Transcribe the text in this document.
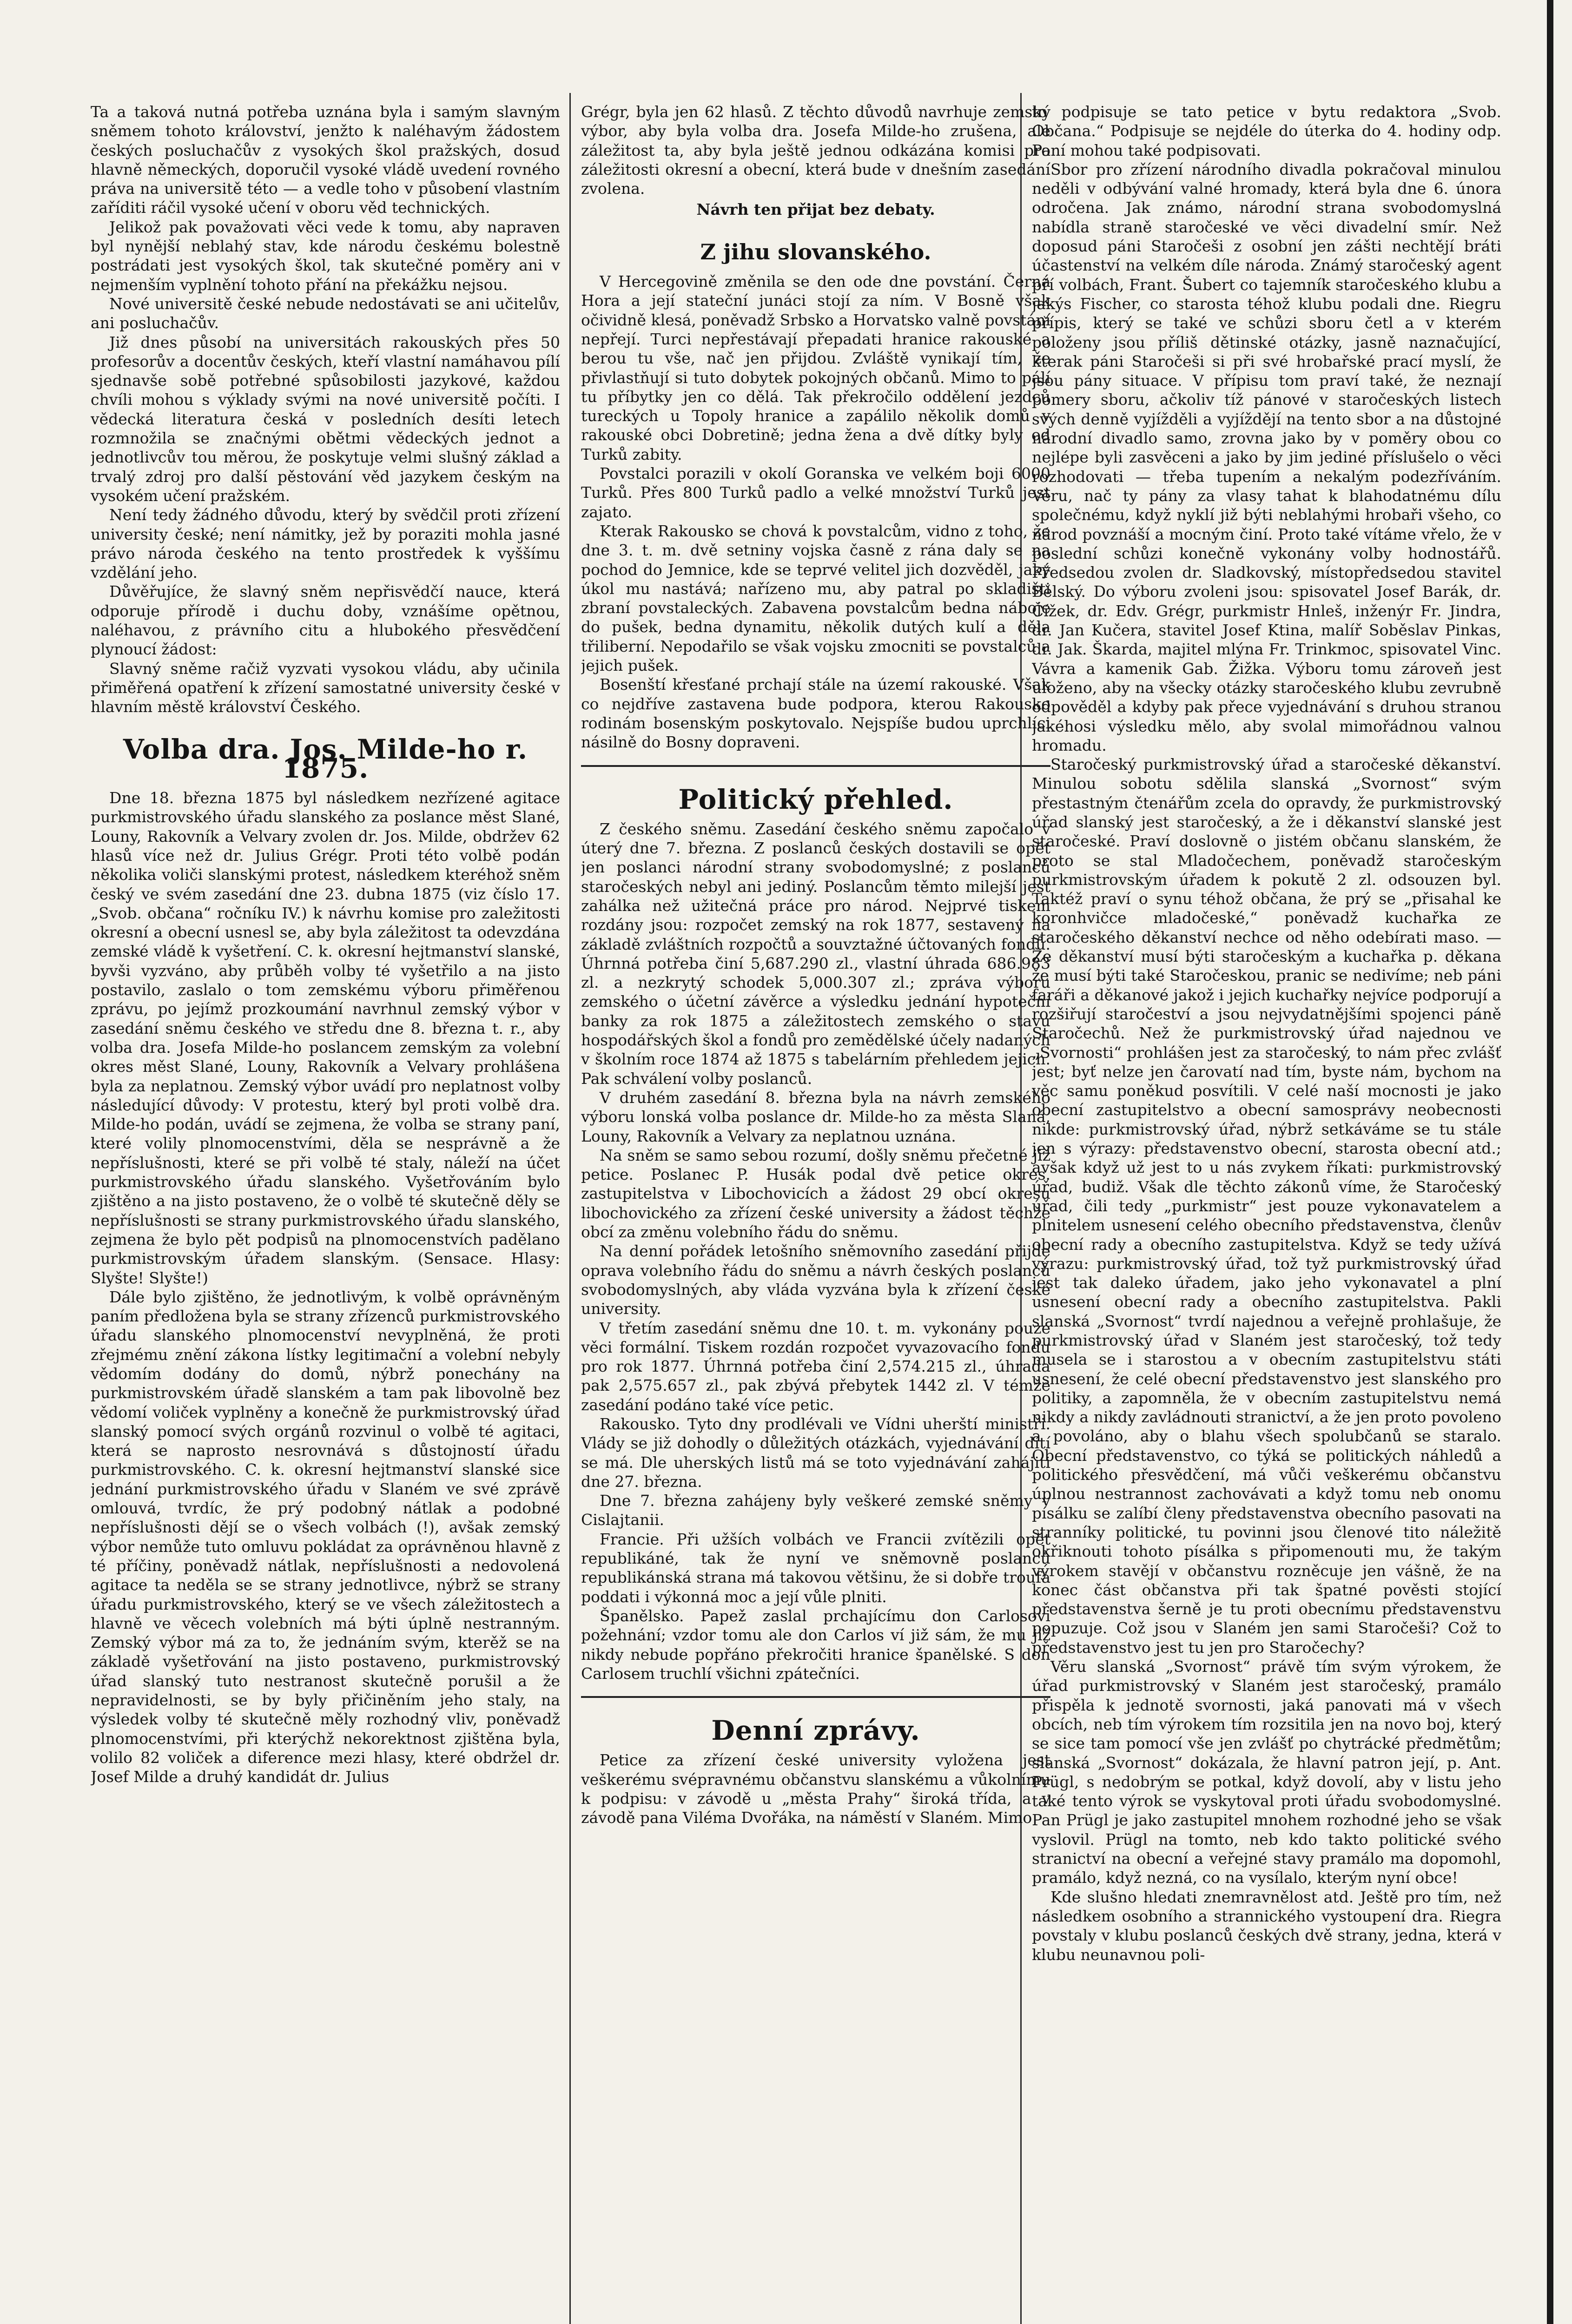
Ta a taková nutná potřeba uznána byla i samým slavným sněmem tohoto království, jenžto k naléhavým žádostem českých posluchačův z vysokých škol pražských, dosud hlavně německých, doporučil vysoké vládě uvedení rovného práva na universitě této — a vedle toho v působení vlastním zaříditi ráčil vysoké učení v oboru věd technických.

Jelikož pak považovati věci vede k tomu, aby napraven byl nynější neblahý stav, kde národu českému bolestně postrádati jest vysokých škol, tak skutečné poměry ani v nejmenším vyplnění tohoto přání na překážku nejsou.

Nové universitě české nebude nedostávati se ani učitelův, ani posluchačův.

Již dnes působí na universitách rakouských přes 50 profesorův a docentův českých, kteří vlastní namáhavou pílí sjednavše sobě potřebné spůsobilosti jazykové, každou chvíli mohou s výklady svými na nové universitě počíti. I vědecká literatura česká v posledních desíti letech rozmnožila se značnými obětmi vědeckých jednot a jednotlivcův tou měrou, že poskytuje velmi slušný základ a trvalý zdroj pro další pěstování věd jazykem českým na vysokém učení pražském.

Není tedy žádného důvodu, který by svědčil proti zřízení university české; není námitky, jež by poraziti mohla jasné právo národa českého na tento prostředek k vyššímu vzdělání jeho.

Důvěřujíce, že slavný sněm nepřisvědčí nauce, která odporuje přírodě i duchu doby, vznášíme opětnou, naléhavou, z právního citu a hlubokého přesvědčení plynoucí žádost:

Slavný sněme račiž vyzvati vysokou vládu, aby učinila přiměřená opatření k zřízení samostatné university české v hlavním městě království Českého.

Volba dra. Jos. Milde-ho r. 1875.

Dne 18. března 1875 byl následkem nezřízené agitace purkmistrovského úřadu slanského za poslance měst Slané, Louny, Rakovník a Velvary zvolen dr. Jos. Milde, obdržev 62 hlasů více než dr. Julius Grégr. Proti této volbě podán několika voliči slanskými protest, následkem kteréhož sněm český ve svém zasedání dne 23. dubna 1875 (viz číslo 17. „Svob. občana“ ročníku IV.) k návrhu komise pro zaležitosti okresní a obecní usnesl se, aby byla záležitost ta odevzdána zemské vládě k vyšetření. C. k. okresní hejtmanství slanské, byvši vyzváno, aby průběh volby té vyšetřilo a na jisto postavilo, zaslalo o tom zemskému výboru přiměřenou zprávu, po jejímž prozkoumání navrhnul zemský výbor v zasedání sněmu českého ve středu dne 8. března t. r., aby volba dra. Josefa Milde-ho poslancem zemským za volební okres měst Slané, Louny, Rakovník a Velvary prohlášena byla za neplatnou. Zemský výbor uvádí pro neplatnost volby následující důvody: V protestu, který byl proti volbě dra. Milde-ho podán, uvádí se zejmena, že volba se strany paní, které volily plnomocenstvími, děla se nesprávně a že nepříslušnosti, které se při volbě té staly, náleží na účet purkmistrovského úřadu slanského. Vyšetřováním bylo zjištěno a na jisto postaveno, že o volbě té skutečně děly se nepříslušnosti se strany purkmistrovského úřadu slanského, zejmena že bylo pět podpisů na plnomocenstvích padělano purkmistrovským úřadem slanským. (Sensace. Hlasy: Slyšte! Slyšte!)

Dále bylo zjištěno, že jednotlivým, k volbě oprávněným paním předložena byla se strany zřízenců purkmistrovského úřadu slanského plnomocenství nevyplněná, že proti zřejmému znění zákona lístky legitimační a volební nebyly vědomím dodány do domů, nýbrž ponechány na purkmistrovském úřadě slanském a tam pak libovolně bez vědomí voliček vyplněny a konečně že purkmistrovský úřad slanský pomocí svých orgánů rozvinul o volbě té agitaci, která se naprosto nesrovnává s důstojností úřadu purkmistrovského. C. k. okresní hejtmanství slanské sice jednání purkmistrovského úřadu v Slaném ve své zprávě omlouvá, tvrdíc, že prý podobný nátlak a podobné nepříslušnosti dějí se o všech volbách (!), avšak zemský výbor nemůže tuto omluvu pokládat za oprávněnou hlavně z té příčiny, poněvadž nátlak, nepříslušnosti a nedovolená agitace ta neděla se se strany jednotlivce, nýbrž se strany úřadu purkmistrovského, který se ve všech záležitostech a hlavně ve věcech volebních má býti úplně nestranným. Zemský výbor má za to, že jednáním svým, kterěž se na základě vyšetřování na jisto postaveno, purkmistrovský úřad slanský tuto nestranost skutečně porušil a že nepravidelnosti, se by byly přičiněním jeho staly, na výsledek volby té skutečně měly rozhodný vliv, poněvadž plnomocenstvími, při kterýchž nekorektnost zjištěna byla, volilo 82 voliček a diference mezi hlasy, které obdržel dr. Josef Milde a druhý kandidát dr. Julius

Grégr, byla jen 62 hlasů. Z těchto důvodů navrhuje zemský výbor, aby byla volba dra. Josefa Milde-ho zrušena, ale záležitost ta, aby byla ještě jednou odkázána komisi pro záležitosti okresní a obecní, která bude v dnešním zasedání zvolena.

Návrh ten přijat bez debaty.

Z jihu slovanského.

V Hercegovině změnila se den ode dne povstání. Černá Hora a její stateční junáci stojí za ním. V Bosně však očividně klesá, poněvadž Srbsko a Horvatsko valně povstání nepřejí. Turci nepřestávají přepadati hranice rakouské a berou tu vše, nač jen přijdou. Zvláště vynikají tím, že přivlastňují si tuto dobytek pokojných občanů. Mimo to pálí tu příbytky jen co dělá. Tak překročilo oddělení jezdců tureckých u Topoly hranice a zapálilo několik domů v rakouské obci Dobretině; jedna žena a dvě dítky byly od Turků zabity.

Povstalci porazili v okolí Goranska ve velkém boji 6000 Turků. Přes 800 Turků padlo a velké množství Turků jest zajato.

Kterak Rakousko se chová k povstalcům, vidno z toho, že dne 3. t. m. dvě setniny vojska časně z rána daly se na pochod do Jemnice, kde se teprvé velitel jich dozvěděl, jaký úkol mu nastává; nařízeno mu, aby patral po skladišti zbraní povstaleckých. Zabavena povstalcům bedna náboje do pušek, bedna dynamitu, několik dutých kulí a děla třiliberní. Nepodařilo se však vojsku zmocniti se povstalců a jejich pušek.

Bosenští křesťané prchají stále na území rakouské. Však co nejdříve zastavena bude podpora, kterou Rakousko rodinám bosenským poskytovalo. Nejspíše budou uprchlíci násilně do Bosny dopraveni.

Politický přehled.

Z českého sněmu. Zasedání českého sněmu započalo v úterý dne 7. března. Z poslanců českých dostavili se opět jen poslanci národní strany svobodomyslné; z poslanců staročeských nebyl ani jediný. Poslancům těmto milejší jest zahálka než užitečná práce pro národ. Nejprvé tiskem rozdány jsou: rozpočet zemský na rok 1877, sestavený na základě zvláštních rozpočtů a souvztažné účtovaných fondů. Úhrnná potřeba činí 5,687.290 zl., vlastní úhrada 686.983 zl. a nezkrytý schodek 5,000.307 zl.; zpráva výboru zemského o účetní závěrce a výsledku jednání hypoteční banky za rok 1875 a záležitostech zemského o stavu hospodářských škol a fondů pro zemědělské účely nadaných v školním roce 1874 až 1875 s tabelárním přehledem jejich. Pak schválení volby poslanců.

V druhém zasedání 8. března byla na návrh zemského výboru lonská volba poslance dr. Milde-ho za města Slaná, Louny, Rakovník a Velvary za neplatnou uznána.

Na sněm se samo sebou rozumí, došly sněmu přečetné již petice. Poslanec P. Husák podal dvě petice okres. zastupitelstva v Libochovicích a žádost 29 obcí okresu libochovického za zřízení české university a žádost těchže obcí za změnu volebního řádu do sněmu.

Na denní pořádek letošního sněmovního zasedání přijde oprava volebního řádu do sněmu a návrh českých poslanců svobodomyslných, aby vláda vyzvána byla k zřízení české university.

V třetím zasedání sněmu dne 10. t. m. vykonány pouze věci formální. Tiskem rozdán rozpočet vyvazovacího fondu pro rok 1877. Úhrnná potřeba činí 2,574.215 zl., úhrada pak 2,575.657 zl., pak zbývá přebytek 1442 zl. V témže zasedání podáno také více petic.

Rakousko. Tyto dny prodlévali ve Vídni uherští ministři. Vlády se již dohodly o důležitých otázkách, vyjednávání dítí se má. Dle uherských listů má se toto vyjednávání zahájiti dne 27. března.

Dne 7. března zahájeny byly veškeré zemské sněmy v Cislajtanii.

Francie. Při užších volbách ve Francii zvítězili opět republikáné, tak že nyní ve sněmovně poslanců republikánská strana má takovou většinu, že si dobře troufá poddati i výkonná moc a její vůle plniti.

Španělsko. Papež zaslal prchajícímu don Carlosovi požehnání; vzdor tomu ale don Carlos ví již sám, že mu již nikdy nebude popřáno překročiti hranice španělské. S don Carlosem truchlí všichni zpátečníci.

Denní zprávy.

Petice za zřízení české university vyložena jest veškerému svépravnému občanstvu slanskému a vůkolnímu k podpisu: v závodě u „města Prahy“ široká třída, a v závodě pana Viléma Dvořáka, na náměstí v Slaném. Mimo

to podpisuje se tato petice v bytu redaktora „Svob. Občana.“ Podpisuje se nejdéle do úterka do 4. hodiny odp. Paní mohou také podpisovati.

Sbor pro zřízení národního divadla pokračoval minulou neděli v odbývání valné hromady, která byla dne 6. února odročena. Jak známo, národní strana svobodomyslná nabídla straně staročeské ve věci divadelní smír. Než doposud páni Staročeši z osobní jen zášti nechtějí bráti účastenství na velkém díle národa. Známý staročeský agent pří volbách, Frant. Šubert co tajemník staročeského klubu a jakýs Fischer, co starosta téhož klubu podali dne. Riegru přípis, který se také ve schůzi sboru četl a v kterém položeny jsou příliš dětinské otázky, jasně naznačující, kterak páni Staročeši si při své hrobařské prací myslí, že jsou pány situace. V přípisu tom praví také, že neznají pomery sboru, ačkoliv tíž pánové v staročeských listech svých denně vyjížděli a vyjíždějí na tento sbor a na důstojné národní divadlo samo, zrovna jako by v poměry obou co nejlépe byli zasvěceni a jako by jim jediné příslušelo o věci rozhodovati — třeba tupením a nekalým podezříváním. Věru, nač ty pány za vlasy tahat k blahodatnému dílu společnému, když nyklí již býti neblahými hrobaři všeho, co národ povznáší a mocným činí. Proto také vítáme vřelo, že v poslední schůzi konečně vykonány volby hodnostářů. Předsedou zvolen dr. Sladkovský, místopředsedou stavitel Bělský. Do výboru zvoleni jsou: spisovatel Josef Barák, dr. Čížek, dr. Edv. Grégr, purkmistr Hnleš, inženýr Fr. Jindra, dr. Jan Kučera, stavitel Josef Ktina, malíř Soběslav Pinkas, dr. Jak. Škarda, majitel mlýna Fr. Trinkmoc, spisovatel Vinc. Vávra a kamenik Gab. Žižka. Výboru tomu zároveň jest uloženo, aby na všecky otázky staročeského klubu zevrubně odpověděl a kdyby pak přece vyjednávání s druhou stranou jakéhosi výsledku mělo, aby svolal mimořádnou valnou hromadu.

Staročeský purkmistrovský úřad a staročeské děkanství. Minulou sobotu sdělila slanská „Svornost“ svým přestastným čtenářům zcela do opravdy, že purkmistrovský úřad slanský jest staročeský, a že i děkanství slanské jest staročeské. Praví doslovně o jistém občanu slanském, že proto se stal Mladočechem, poněvadž staročeským purkmistrovským úřadem k pokutě 2 zl. odsouzen byl. Taktéž praví o synu téhož občana, že prý se „přisahal ke koronhvičce mladočeské,“ poněvadž kuchařka ze staročeského děkanství nechce od něho odebírati maso. — Že děkanství musí býti staročeským a kuchařka p. děkana že musí býti také Staročeskou, pranic se nedivíme; neb páni faráři a děkanové jakož i jejich kuchařky nejvíce podporují a rozšiřují staročeství a jsou nejvydatnějšími spojenci páně Staročechů. Než že purkmistrovský úřad najednou ve „Svornosti“ prohlášen jest za staročeský, to nám přec zvlášť jest; byť nelze jen čarovatí nad tím, byste nám, bychom na věc samu poněkud posvítili. V celé naší mocnosti je jako obecní zastupitelstvo a obecní samosprávy neobecnosti nikde: purkmistrovský úřad, nýbrž setkáváme se tu stále jen s výrazy: představenstvo obecní, starosta obecní atd.; avšak když už jest to u nás zvykem říkati: purkmistrovský úřad, budiž. Však dle těchto zákonů víme, že Staročeský úřad, čili tedy „purkmistr“ jest pouze vykonavatelem a plnitelem usnesení celého obecního představenstva, členův obecní rady a obecního zastupitelstva. Když se tedy užívá výrazu: purkmistrovský úřad, tož tyž purkmistrovský úřad jest tak daleko úřadem, jako jeho vykonavatel a plní usnesení obecní rady a obecního zastupitelstva. Pakli slanská „Svornost“ tvrdí najednou a veřejně prohlašuje, že purkmistrovský úřad v Slaném jest staročeský, tož tedy musela se i starostou a v obecním zastupitelstvu státi usnesení, že celé obecní představenstvo jest slanského pro politiky, a zapomněla, že v obecním zastupitelstvu nemá nikdy a nikdy zavládnouti stranictví, a že jen proto povoleno a povoláno, aby o blahu všech spolubčanů se staralo. Obecní představenstvo, co týká se politických náhledů a politického přesvědčení, má vůči veškerému občanstvu úplnou nestrannost zachovávati a když tomu neb onomu písálku se zalíbí členy představenstva obecního pasovati na stranníky politické, tu povinni jsou členové tito náležitě okřiknouti tohoto písálka s připomenouti mu, že takým výrokem stavějí v občanstvu rozněcuje jen vášně, že na konec část občanstva při tak špatné pověsti stojící představenstva šerně je tu proti obecnímu představenstvu popuzuje. Což jsou v Slaném jen sami Staročeši? Což to představenstvo jest tu jen pro Staročechy?

Věru slanská „Svornost“ právě tím svým výrokem, že úřad purkmistrovský v Slaném jest staročeský, pramálo přispěla k jednotě svornosti, jaká panovati má v všech obcích, neb tím výrokem tím rozsitila jen na novo boj, který se sice tam pomocí vše jen zvlášť po chytrácké předmětům; slanská „Svornost“ dokázala, že hlavní patron její, p. Ant. Prügl, s nedobrým se potkal, když dovolí, aby v listu jeho také tento výrok se vyskytoval proti úřadu svobodomyslné. Pan Prügl je jako zastupitel mnohem rozhodné jeho se však vyslovil. Prügl na tomto, neb kdo takto politické svého stranictví na obecní a veřejné stavy pramálo ma dopomohl, pramálo, když nezná, co na vysílalo, kterým nyní obce!

Kde slušno hledati znemravnělost atd. Ještě pro tím, než následkem osobního a strannického vystoupení dra. Riegra povstaly v klubu poslanců českých dvě strany, jedna, která v klubu neunavnou poli-
